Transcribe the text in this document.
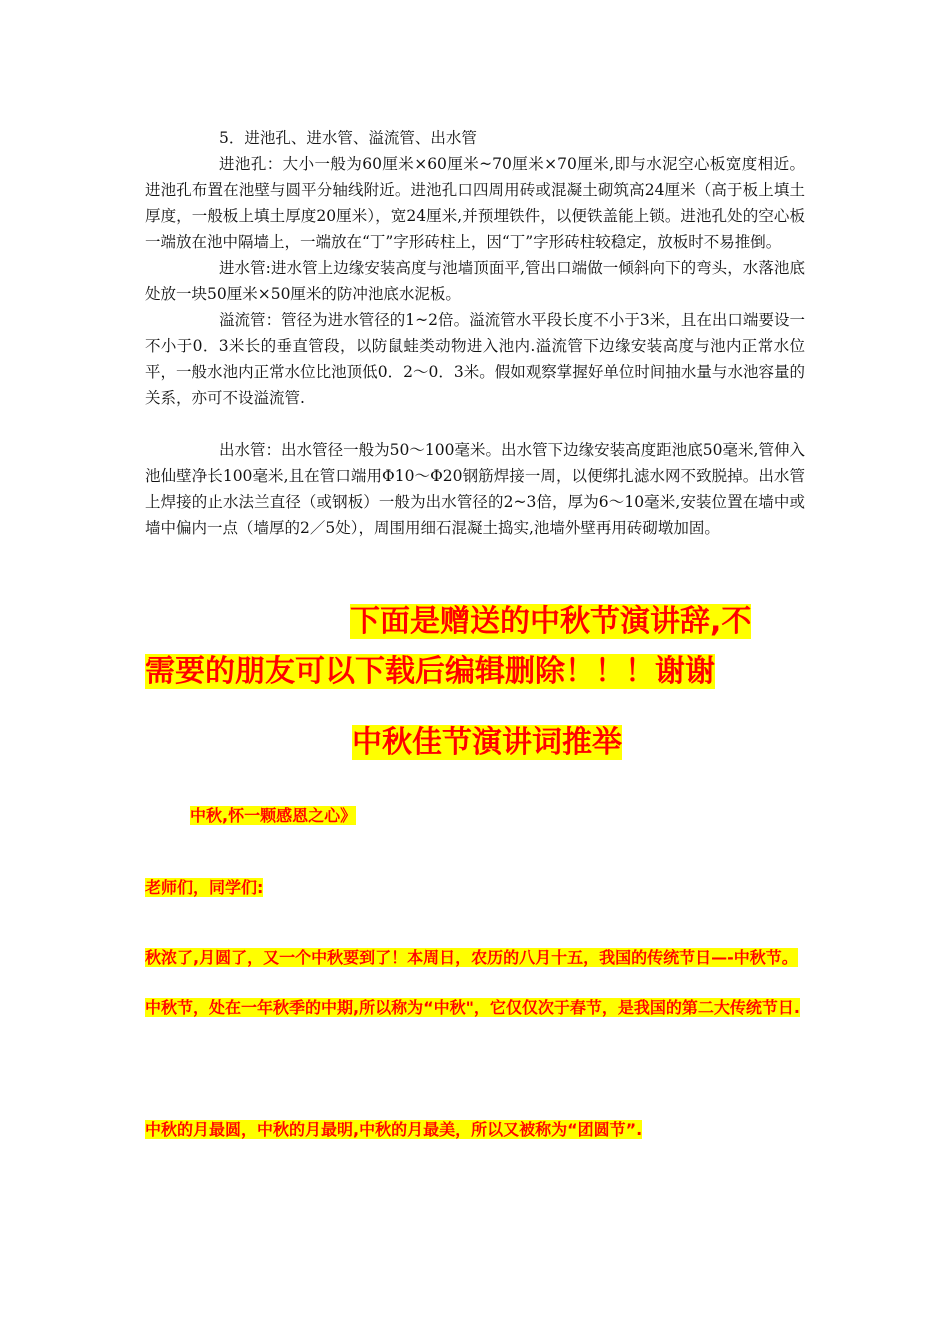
5．进池孔、进水管、溢流管、出水管

进池孔：大小一般为60厘米×60厘米~70厘米×70厘米,即与水泥空心板宽度相近。进池孔布置在池壁与圆平分轴线附近。进池孔口四周用砖或混凝土砌筑高24厘米（高于板上填土厚度，一般板上填土厚度20厘米），宽24厘米,并预埋铁件，以便铁盖能上锁。进池孔处的空心板一端放在池中隔墙上，一端放在“丁”字形砖柱上，因“丁”字形砖柱较稳定，放板时不易推倒。

进水管:进水管上边缘安装高度与池墙顶面平,管出口端做一倾斜向下的弯头，水落池底处放一块50厘米×50厘米的防冲池底水泥板。

溢流管：管径为进水管径的1~2倍。溢流管水平段长度不小于3米，且在出口端要设一不小于0．3米长的垂直管段，以防鼠蛙类动物进入池内.溢流管下边缘安装高度与池内正常水位平，一般水池内正常水位比池顶低0．2～0．3米。假如观察掌握好单位时间抽水量与水池容量的关系，亦可不设溢流管.

出水管：出水管径一般为50～100毫米。出水管下边缘安装高度距池底50毫米,管伸入池仙壁净长100毫米,且在管口端用Φ10～Φ20钢筋焊接一周，以便绑扎滤水网不致脱掉。出水管上焊接的止水法兰直径（或钢板）一般为出水管径的2~3倍，厚为6～10毫米,安装位置在墙中或墙中偏内一点（墙厚的2／5处），周围用细石混凝土捣实,池墙外壁再用砖砌墩加固。

下面是赠送的中秋节演讲辞,不
需要的朋友可以下载后编辑删除！！！谢谢
中秋佳节演讲词推举
中秋,怀一颗感恩之心》
老师们，同学们:
秋浓了,月圆了，又一个中秋要到了！本周日，农历的八月十五，我国的传统节日—-中秋节。中秋节，处在一年秋季的中期,所以称为“中秋"，它仅仅次于春节，是我国的第二大传统节日.
中秋的月最圆，中秋的月最明,中秋的月最美，所以又被称为“团圆节”.
